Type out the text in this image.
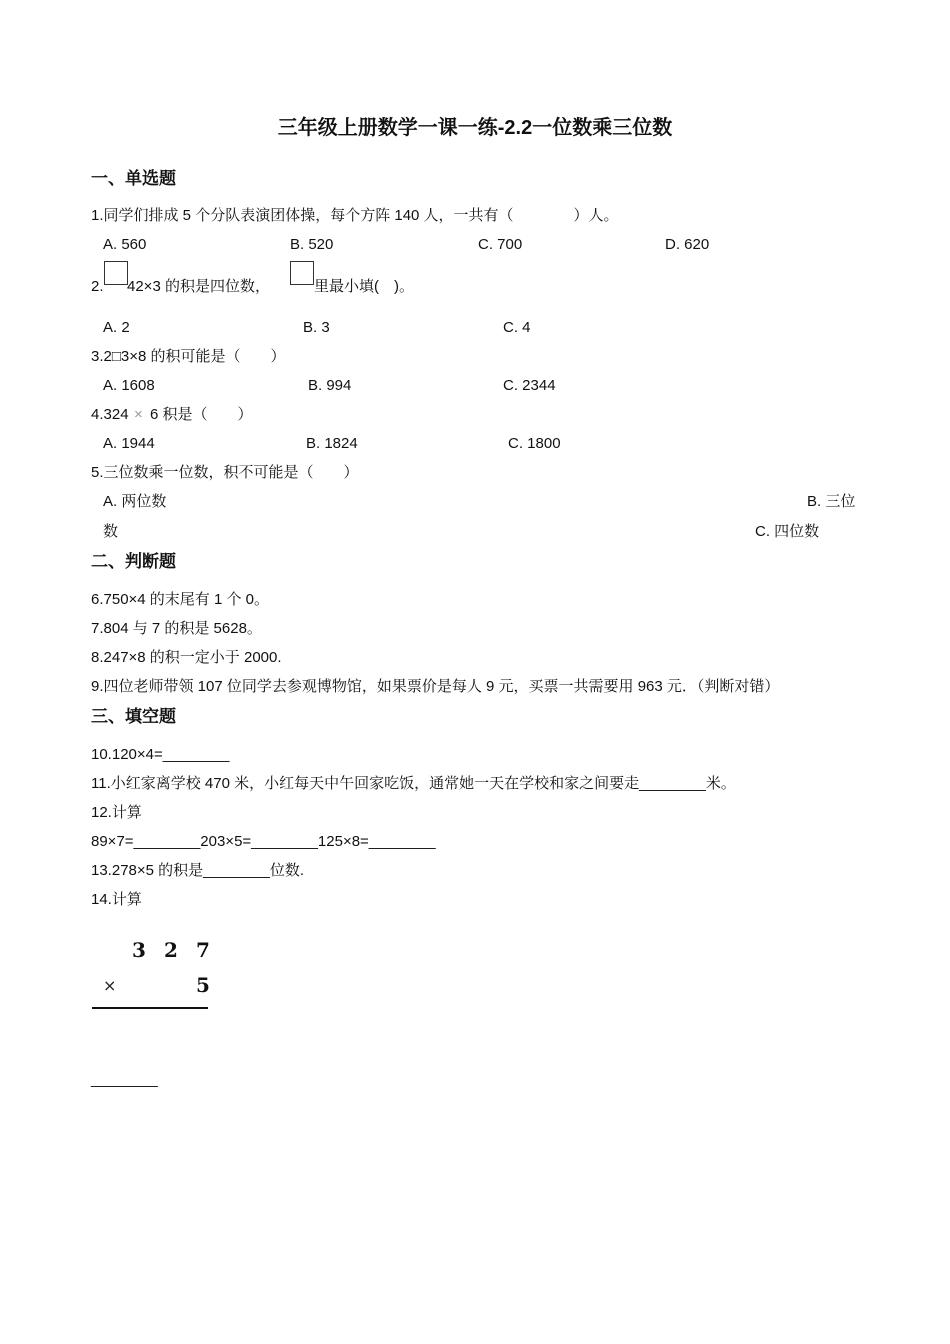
三年级上册数学一课一练-2.2一位数乘三位数
一、单选题
1.同学们排成 5 个分队表演团体操，每个方阵 140 人，一共有（　　　　）人。
A. 560	B. 520	C. 700	D. 620
2. 42×3 的积是四位数，	里最小填(　)。
A. 2	B. 3	C. 4
3.2□3×8 的积可能是（　　）
A. 1608	B. 994	C. 2344
4.324 × 6 积是（　　）
A. 1944	B. 1824	C. 1800
5.三位数乘一位数，积不可能是（　　）
A. 两位数	B. 三位
数	C. 四位数
二、判断题
6.750×4 的末尾有 1 个 0。
7.804 与 7 的积是 5628。
8.247×8 的积一定小于 2000.
9.四位老师带领 107 位同学去参观博物馆，如果票价是每人 9 元，买票一共需要用 963 元．（判断对错）
三、填空题
10.120×4=________
11.小红家离学校 470 米，小红每天中午回家吃饭，通常她一天在学校和家之间要走________米。
12.计算
89×7=________203×5=________125×8=________
13.278×5 的积是________位数.
14.计算
3 2 7
×	5
________
